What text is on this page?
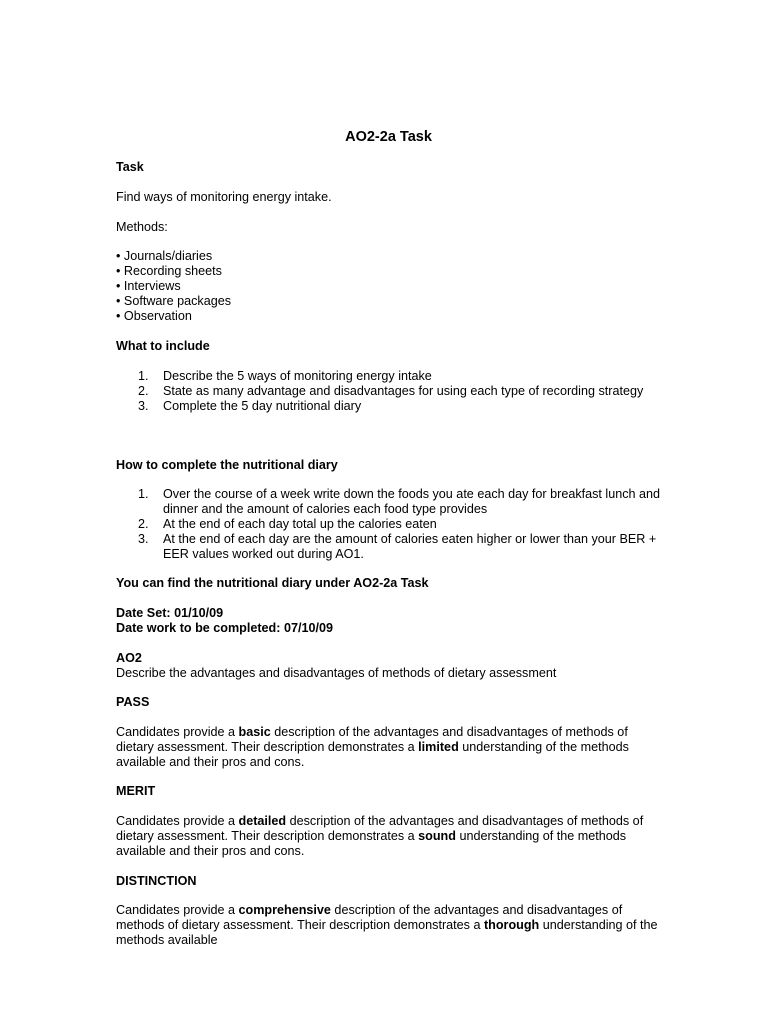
AO2-2a Task
Task
Find ways of monitoring energy intake.
Methods:
• Journals/diaries
• Recording sheets
• Interviews
• Software packages
• Observation
What to include
1. Describe the 5 ways of monitoring energy intake
2. State as many advantage and disadvantages for using each type of recording strategy
3. Complete the 5 day nutritional diary
How to complete the nutritional diary
1. Over the course of a week write down the foods you ate each day for breakfast lunch and dinner and the amount of calories each food type provides
2. At the end of each day total up the calories eaten
3. At the end of each day are the amount of calories eaten higher or lower than your BER + EER values worked out during AO1.
You can find the nutritional diary under AO2-2a Task
Date Set: 01/10/09
Date work to be completed: 07/10/09
AO2
Describe the advantages and disadvantages of methods of dietary assessment
PASS
Candidates provide a basic description of the advantages and disadvantages of methods of dietary assessment. Their description demonstrates a limited understanding of the methods available and their pros and cons.
MERIT
Candidates provide a detailed description of the advantages and disadvantages of methods of dietary assessment. Their description demonstrates a sound understanding of the methods available and their pros and cons.
DISTINCTION
Candidates provide a comprehensive description of the advantages and disadvantages of methods of dietary assessment. Their description demonstrates a thorough understanding of the methods available
